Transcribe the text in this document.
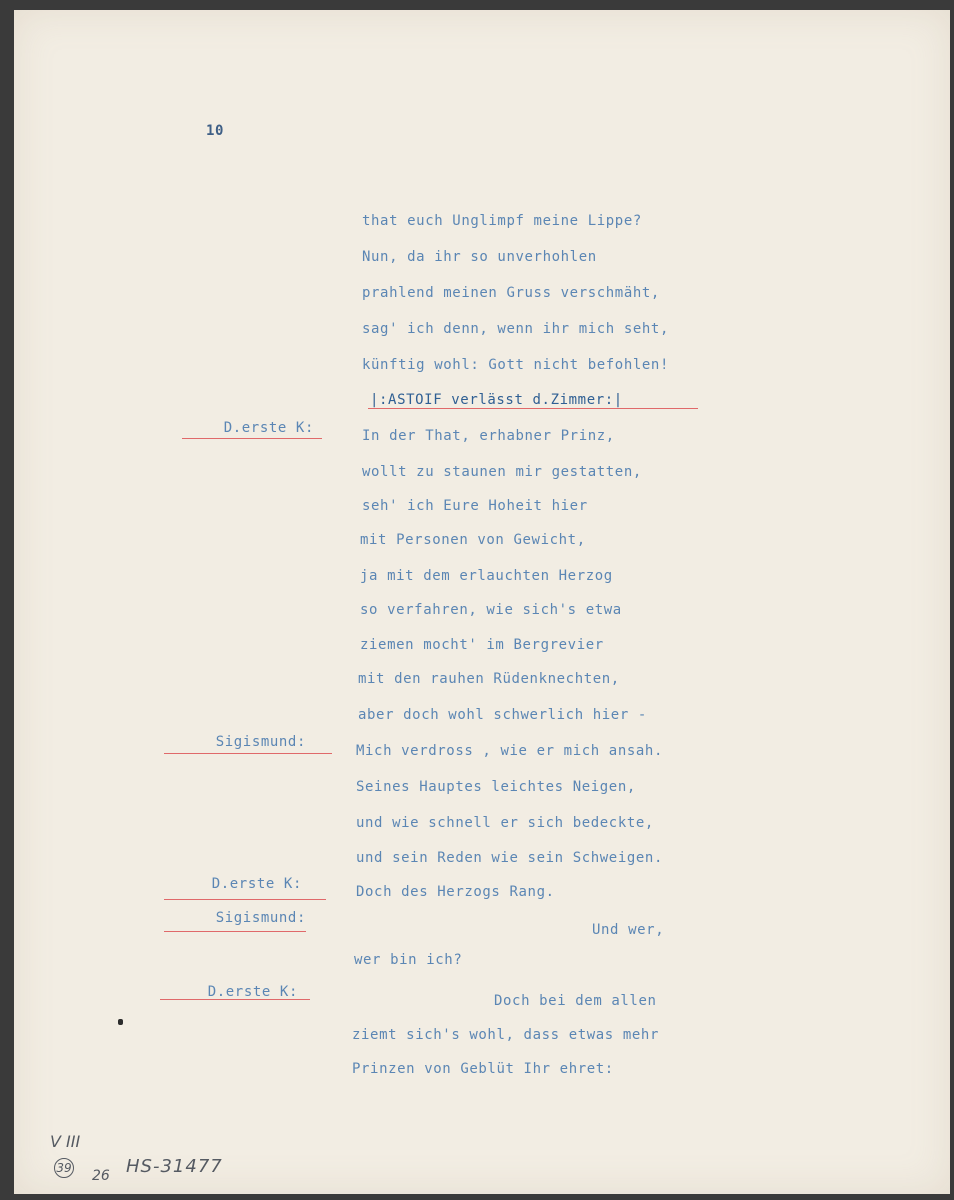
10
that euch Unglimpf meine Lippe?
Nun, da ihr so unverhohlen
prahlend meinen Gruss verschmäht,
sag' ich denn, wenn ihr mich seht,
künftig wohl: Gott nicht befohlen!
|:ASTOIF verlässt d.Zimmer:|
In der That, erhabner Prinz,
wollt zu staunen mir gestatten,
seh' ich Eure Hoheit hier
mit Personen von Gewicht,
ja mit dem erlauchten Herzog
so verfahren, wie sich's etwa
ziemen mocht' im Bergrevier
mit den rauhen Rüdenknechten,
aber doch wohl schwerlich hier -
Mich verdross , wie er mich ansah.
Seines Hauptes leichtes Neigen,
und wie schnell er sich bedeckte,
und sein Reden wie sein Schweigen.
Doch des Herzogs Rang.
Und wer,
wer bin ich?
Doch bei dem allen
ziemt sich's wohl, dass etwas mehr
Prinzen von Geblüt Ihr ehret:
D.erste K:
Sigismund:
D.erste K:
Sigismund:
D.erste K:
V III
39 26 HS-31477
